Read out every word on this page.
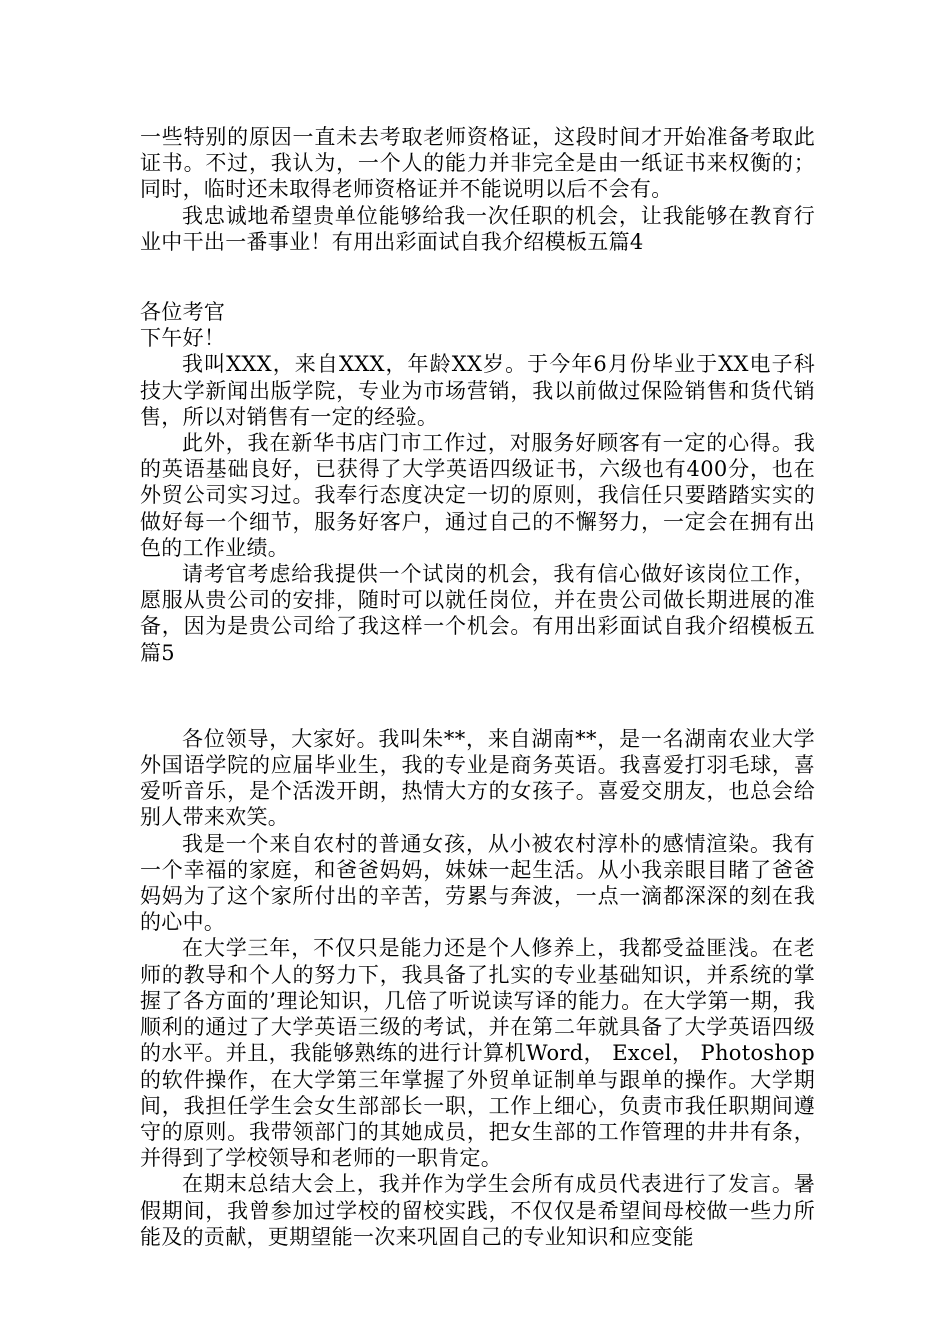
一些特别的原因一直未去考取老师资格证，这段时间才开始准备考取此证书。不过，我认为，一个人的能力并非完全是由一纸证书来权衡的；同时，临时还未取得老师资格证并不能说明以后不会有。

我忠诚地希望贵单位能够给我一次任职的机会，让我能够在教育行业中干出一番事业！有用出彩面试自我介绍模板五篇4

各位考官

下午好！

我叫XXX，来自XXX，年龄XX岁。于今年6月份毕业于XX电子科技大学新闻出版学院，专业为市场营销，我以前做过保险销售和货代销售，所以对销售有一定的经验。

此外，我在新华书店门市工作过，对服务好顾客有一定的心得。我的英语基础良好，已获得了大学英语四级证书，六级也有400分，也在外贸公司实习过。我奉行态度决定一切的原则，我信任只要踏踏实实的做好每一个细节，服务好客户，通过自己的不懈努力，一定会在拥有出色的工作业绩。

请考官考虑给我提供一个试岗的机会，我有信心做好该岗位工作，愿服从贵公司的安排，随时可以就任岗位，并在贵公司做长期进展的准备，因为是贵公司给了我这样一个机会。有用出彩面试自我介绍模板五篇5

各位领导，大家好。我叫朱**，来自湖南**，是一名湖南农业大学外国语学院的应届毕业生，我的专业是商务英语。我喜爱打羽毛球，喜爱听音乐，是个活泼开朗，热情大方的女孩子。喜爱交朋友，也总会给别人带来欢笑。

我是一个来自农村的普通女孩，从小被农村淳朴的感情渲染。我有一个幸福的家庭，和爸爸妈妈，妹妹一起生活。从小我亲眼目睹了爸爸妈妈为了这个家所付出的辛苦，劳累与奔波，一点一滴都深深的刻在我的心中。

在大学三年，不仅只是能力还是个人修养上，我都受益匪浅。在老师的教导和个人的努力下，我具备了扎实的专业基础知识，并系统的掌握了各方面的’理论知识，几倍了听说读写译的能力。在大学第一期，我顺利的通过了大学英语三级的考试，并在第二年就具备了大学英语四级的水平。并且，我能够熟练的进行计算机Word， Excel， Photoshop的软件操作，在大学第三年掌握了外贸单证制单与跟单的操作。大学期间，我担任学生会女生部部长一职，工作上细心，负责市我任职期间遵守的原则。我带领部门的其她成员，把女生部的工作管理的井井有条，并得到了学校领导和老师的一职肯定。

在期末总结大会上，我并作为学生会所有成员代表进行了发言。暑假期间，我曾参加过学校的留校实践，不仅仅是希望间母校做一些力所能及的贡献，更期望能一次来巩固自己的专业知识和应变能
